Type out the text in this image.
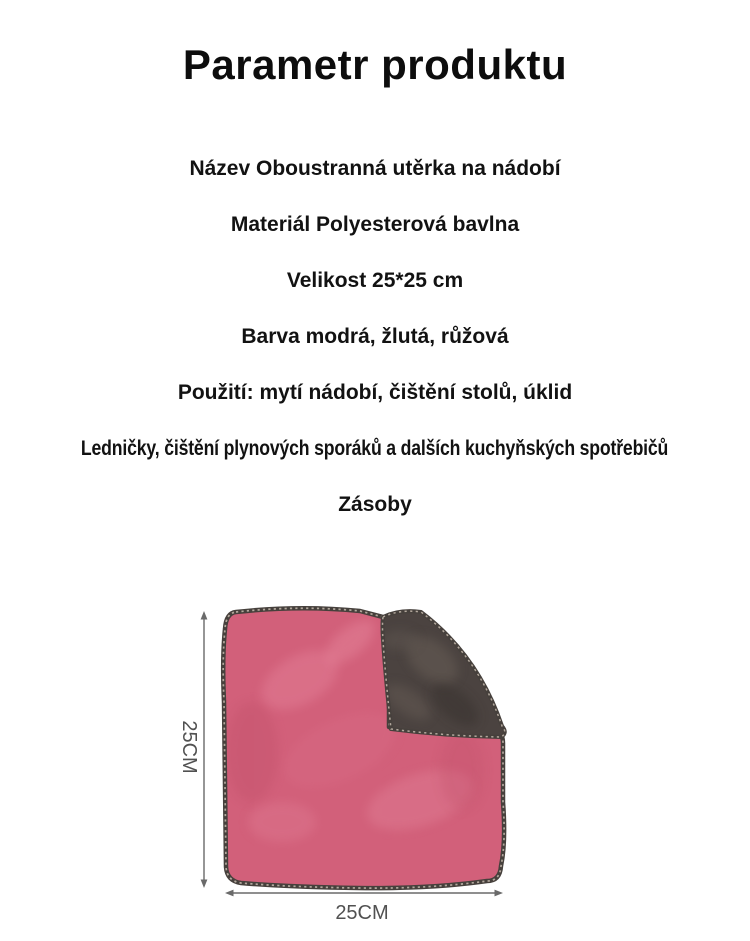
Parametr produktu

Název Oboustranná utěrka na nádobí

Materiál Polyesterová bavlna

Velikost 25*25 cm

Barva modrá, žlutá, růžová

Použití: mytí nádobí, čištění stolů, úklid

Ledničky, čištění plynových sporáků a dalších kuchyňských spotřebičů

Zásoby

25CM
25CM
